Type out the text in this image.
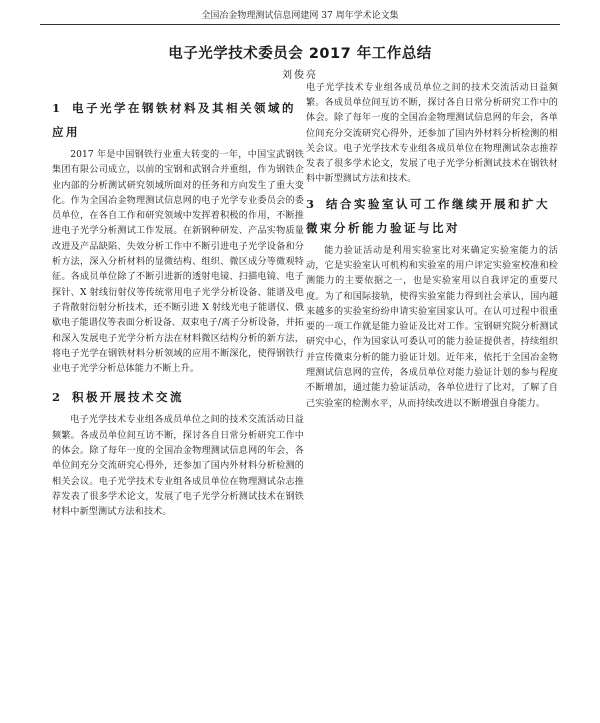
全国冶金物理测试信息网建网 37 周年学术论文集
电子光学技术委员会 2017 年工作总结
刘俊亮
1 电子光学在钢铁材料及其相关领域的应用

2017 年是中国钢铁行业重大转变的一年，中国宝武钢铁集团有限公司成立，以前的宝钢和武钢合并重组，作为钢铁企业内部的分析测试研究领域所面对的任务和方向发生了重大变化。作为全国冶金物理测试信息网的电子光学专业委员会的委员单位，在各自工作和研究领域中发挥着积极的作用，不断推进电子光学分析测试工作发展。在新钢种研发、产品实物质量改进及产品缺陷、失效分析工作中不断引进电子光学设备和分析方法，深入分析材料的显微结构、组织、微区成分等微观特征。各成员单位除了不断引进新的透射电镜、扫描电镜、电子探针、X 射线衍射仪等传统常用电子光学分析设备、能谱及电子背散射衍射分析技术，还不断引进 X 射线光电子能谱仪、俄歇电子能谱仪等表面分析设备、双束电子/离子分析设备，并拓和深入发展电子光学分析方法在材料微区结构分析的新方法，将电子光学在钢铁材料分析领域的应用不断深化，使得钢铁行业电子光学分析总体能力不断上升。

2 积极开展技术交流

电子光学技术专业组各成员单位之间的技术交流活动日益频繁。各成员单位间互访不断，探讨各自日常分析研究工作中的体会。除了每年一度的全国冶金物理测试信息网的年会，各单位间充分交流研究心得外，还参加了国内外材料分析检测的相关会议。电子光学技术专业组各成员单位在物理测试杂志推荐发表了很多学术论文，发展了电子光学分析测试技术在钢铁材料中新型测试方法和技术。

电子光学技术专业组各成员单位之间的技术交流活动日益频繁。各成员单位间互访不断，探讨各自日常分析研究工作中的体会。除了每年一度的全国冶金物理测试信息网的年会，各单位间充分交流研究心得外，还参加了国内外材料分析检测的相关会议。电子光学技术专业组各成员单位在物理测试杂志推荐发表了很多学术论文，发展了电子光学分析测试技术在钢铁材料中新型测试方法和技术。

3 结合实验室认可工作继续开展和扩大微束分析能力验证与比对

能力验证活动是利用实验室比对来确定实验室能力的活动，它是实验室认可机构和实验室的用户评定实验室校准和检测能力的主要依据之一，也是实验室用以自我评定的重要尺度。为了和国际接轨，使得实验室能力得到社会承认，国内越来越多的实验室纷纷申请实验室国家认可。在认可过程中很重要的一项工作就是能力验证及比对工作。宝钢研究院分析测试研究中心，作为国家认可委认可的能力验证提供者，持续组织并宣传微束分析的能力验证计划。近年来，依托于全国冶金物理测试信息网的宣传，各成员单位对能力验证计划的参与程度不断增加，通过能力验证活动，各单位进行了比对，了解了自己实验室的检测水平，从而持续改进以不断增强自身能力。
